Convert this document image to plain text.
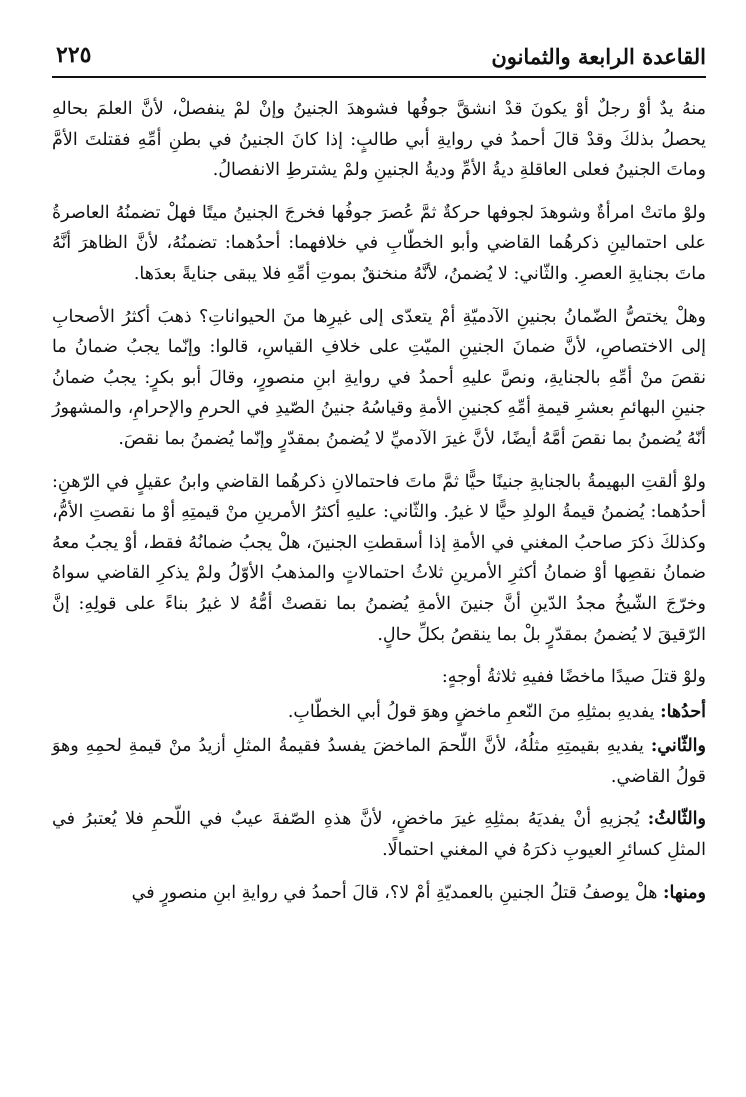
القاعدة الرابعة والثمانون
٢٢٥

منهُ يدٌ أوْ رجلٌ أوْ يكونَ قدْ انشقَّ جوفُها فشوهدَ الجنينُ وإنْ لمْ ينفصلْ، لأنَّ العلمَ بحالهِ يحصلُ بذلكَ وقدْ قالَ أحمدُ في روايةِ أبي طالبٍ: إذا كانَ الجنينُ في بطنِ أمِّهِ فقتلتَ الأمَّ وماتَ الجنينُ فعلى العاقلةِ ديةُ الأمِّ وديةُ الجنينِ ولمْ يشترطِ الانفصالُ.

ولوْ ماتتْ امرأةٌ وشوهدَ لجوفها حركةٌ ثمَّ عُصرَ جوفُها فخرجَ الجنينُ ميتًا فهلْ تضمنُهُ العاصرةُ على احتمالينِ ذكرهُما القاضي وأبو الخطّابِ في خلافهما: أحدُهما: تضمنُهُ، لأنَّ الظاهرَ أنَّهُ ماتَ بجنايةِ العصرِ. والثّاني: لا يُضمنُ، لأنَّهُ منخنقٌ بموتِ أمِّهِ فلا يبقى جنايةً بعدَها.

وهلْ يختصُّ الضّمانُ بجنينِ الآدميّةِ أمْ يتعدّى إلى غيرِها منَ الحيواناتِ؟ ذهبَ أكثرُ الأصحابِ إلى الاختصاصِ، لأنَّ ضمانَ الجنينِ الميّتِ على خلافِ القياسِ، قالوا: وإنّما يجبُ ضمانُ ما نقصَ منْ أمِّهِ بالجنايةِ، ونصَّ عليهِ أحمدُ في روايةِ ابنِ منصورٍ، وقالَ أبو بكرٍ: يجبُ ضمانُ جنينِ البهائمِ بعشرِ قيمةِ أمِّهِ كجنينِ الأمةِ وقياسُهُ جنينُ الصّيدِ في الحرمِ والإحرامِ، والمشهورُ أنّهُ يُضمنُ بما نقصَ أمَّهُ أيضًا، لأنَّ غيرَ الآدميِّ لا يُضمنُ بمقدّرٍ وإنّما يُضمنُ بما نقصَ.

ولوْ ألقتِ البهيمةُ بالجنايةِ جنينًا حيًّا ثمَّ ماتَ فاحتمالانِ ذكرهُما القاضي وابنُ عقيلٍ في الرّهنِ: أحدُهما: يُضمنُ قيمةُ الولدِ حيًّا لا غيرُ. والثّاني: عليهِ أكثرُ الأمرينِ منْ قيمتِهِ أوْ ما نقصتِ الأمُّ، وكذلكَ ذكرَ صاحبُ المغني في الأمةِ إذا أسقطتِ الجنينَ، هلْ يجبُ ضمانُهُ فقط، أوْ يجبُ معهُ ضمانُ نقصِها أوْ ضمانُ أكثرِ الأمرينِ ثلاثُ احتمالاتٍ والمذهبُ الأوّلُ ولمْ يذكرِ القاضي سواهُ وخرّجَ الشّيخُ مجدُ الدّينِ أنَّ جنينَ الأمةِ يُضمنُ بما نقصتْ أمُّهُ لا غيرُ بناءً على قولِهِ: إنَّ الرّقيقَ لا يُضمنُ بمقدّرٍ بلْ بما ينقصُ بكلِّ حالٍ.

ولوْ قتلَ صيدًا ماخضًا ففيهِ ثلاثةُ أوجهٍ:

أحدُها: يفديهِ بمثلِهِ منَ النّعمِ ماخضٍ وهوَ قولُ أبي الخطّابِ.

والثّاني: يفديهِ بقيمتِهِ مثلُهُ، لأنَّ اللّحمَ الماخضَ يفسدُ فقيمةُ المثلِ أزيدُ منْ قيمةِ لحمِهِ وهوَ قولُ القاضي.

والثّالثُ: يُجزيهِ أنْ يفديَهُ بمثلِهِ غيرَ ماخضٍ، لأنَّ هذهِ الصّفةَ عيبٌ في اللّحمِ فلا يُعتبرُ في المثلِ كسائرِ العيوبِ ذكرَهُ في المغني احتمالًا.

ومنها: هلْ يوصفُ قتلُ الجنينِ بالعمديّةِ أمْ لا؟، قالَ أحمدُ في روايةِ ابنِ منصورٍ في
